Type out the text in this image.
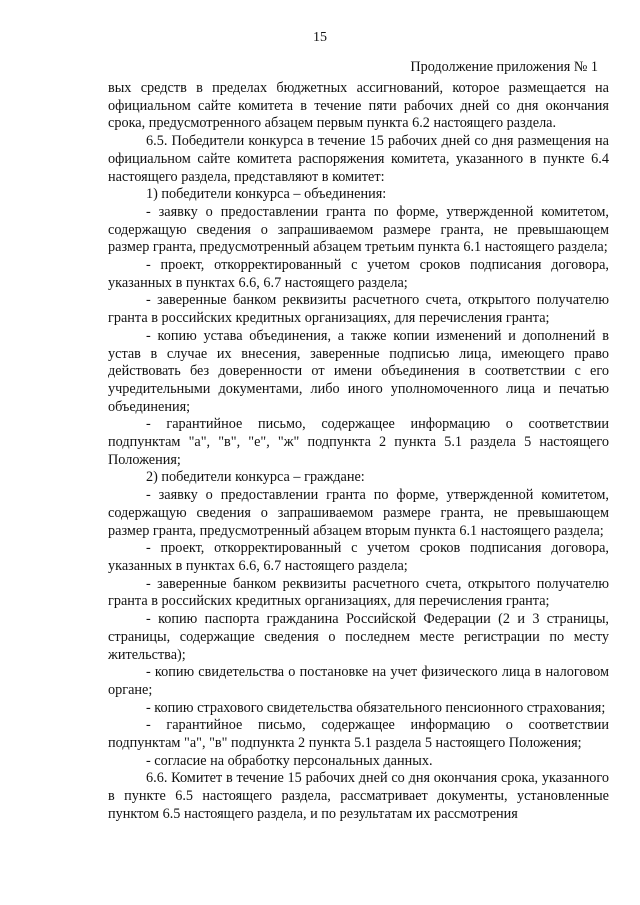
15
Продолжение приложения № 1

вых средств в пределах бюджетных ассигнований, которое размещается на официальном сайте комитета в течение пяти рабочих дней со дня окончания срока, предусмотренного абзацем первым пункта 6.2 настоящего раздела.

6.5. Победители конкурса в течение 15 рабочих дней со дня размещения на официальном сайте комитета распоряжения комитета, указанного в пункте 6.4 настоящего раздела, представляют в комитет:

1) победители конкурса – объединения:

- заявку о предоставлении гранта по форме, утвержденной комитетом, содержащую сведения о запрашиваемом размере гранта, не превышающем размер гранта, предусмотренный абзацем третьим пункта 6.1 настоящего раздела;

- проект, откорректированный с учетом сроков подписания договора, указанных в пунктах 6.6, 6.7 настоящего раздела;

- заверенные банком реквизиты расчетного счета, открытого получателю гранта в российских кредитных организациях, для перечисления гранта;

- копию устава объединения, а также копии изменений и дополнений в устав в случае их внесения, заверенные подписью лица, имеющего право действовать без доверенности от имени объединения в соответствии с его учредительными документами, либо иного уполномоченного лица и печатью объединения;

- гарантийное письмо, содержащее информацию о соответствии подпунктам "а", "в", "е", "ж" подпункта 2 пункта 5.1 раздела 5 настоящего Положения;

2) победители конкурса – граждане:

- заявку о предоставлении гранта по форме, утвержденной комитетом, содержащую сведения о запрашиваемом размере гранта, не превышающем размер гранта, предусмотренный абзацем вторым пункта 6.1 настоящего раздела;

- проект, откорректированный с учетом сроков подписания договора, указанных в пунктах 6.6, 6.7 настоящего раздела;

- заверенные банком реквизиты расчетного счета, открытого получателю гранта в российских кредитных организациях, для перечисления гранта;

- копию паспорта гражданина Российской Федерации (2 и 3 страницы, страницы, содержащие сведения о последнем месте регистрации по месту жительства);

- копию свидетельства о постановке на учет физического лица в налоговом органе;

- копию страхового свидетельства обязательного пенсионного страхования;

- гарантийное письмо, содержащее информацию о соответствии подпунктам "а", "в" подпункта 2 пункта 5.1 раздела 5 настоящего Положения;

- согласие на обработку персональных данных.

6.6. Комитет в течение 15 рабочих дней со дня окончания срока, указанного в пункте 6.5 настоящего раздела, рассматривает документы, установленные пунктом 6.5 настоящего раздела, и по результатам их рассмотрения
